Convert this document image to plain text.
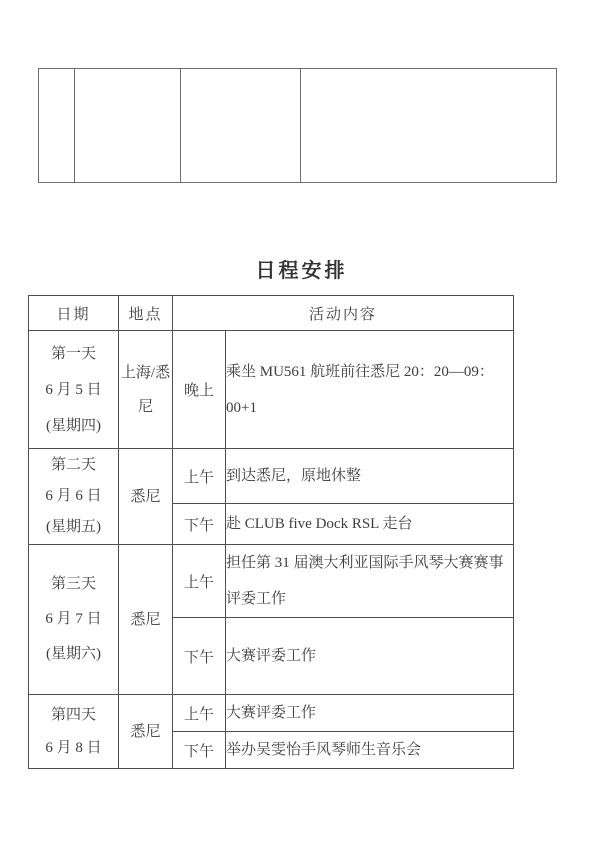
日程安排
日期	地点	活动内容	

第一天
6 月 5 日
(星期四)	上海/悉尼	晚上	乘坐 MU561 航班前往悉尼 20：20—09：00+1

第二天
6 月 6 日
(星期五)	悉尼	上午	到达悉尼，原地休整
		下午	赴 CLUB five Dock RSL 走台

第三天
6 月 7 日
(星期六)	悉尼	上午	担任第 31 届澳大利亚国际手风琴大赛赛事评委工作
		下午	大赛评委工作

第四天
6 月 8 日	悉尼	上午	大赛评委工作
		下午	举办吴雯怡手风琴师生音乐会
